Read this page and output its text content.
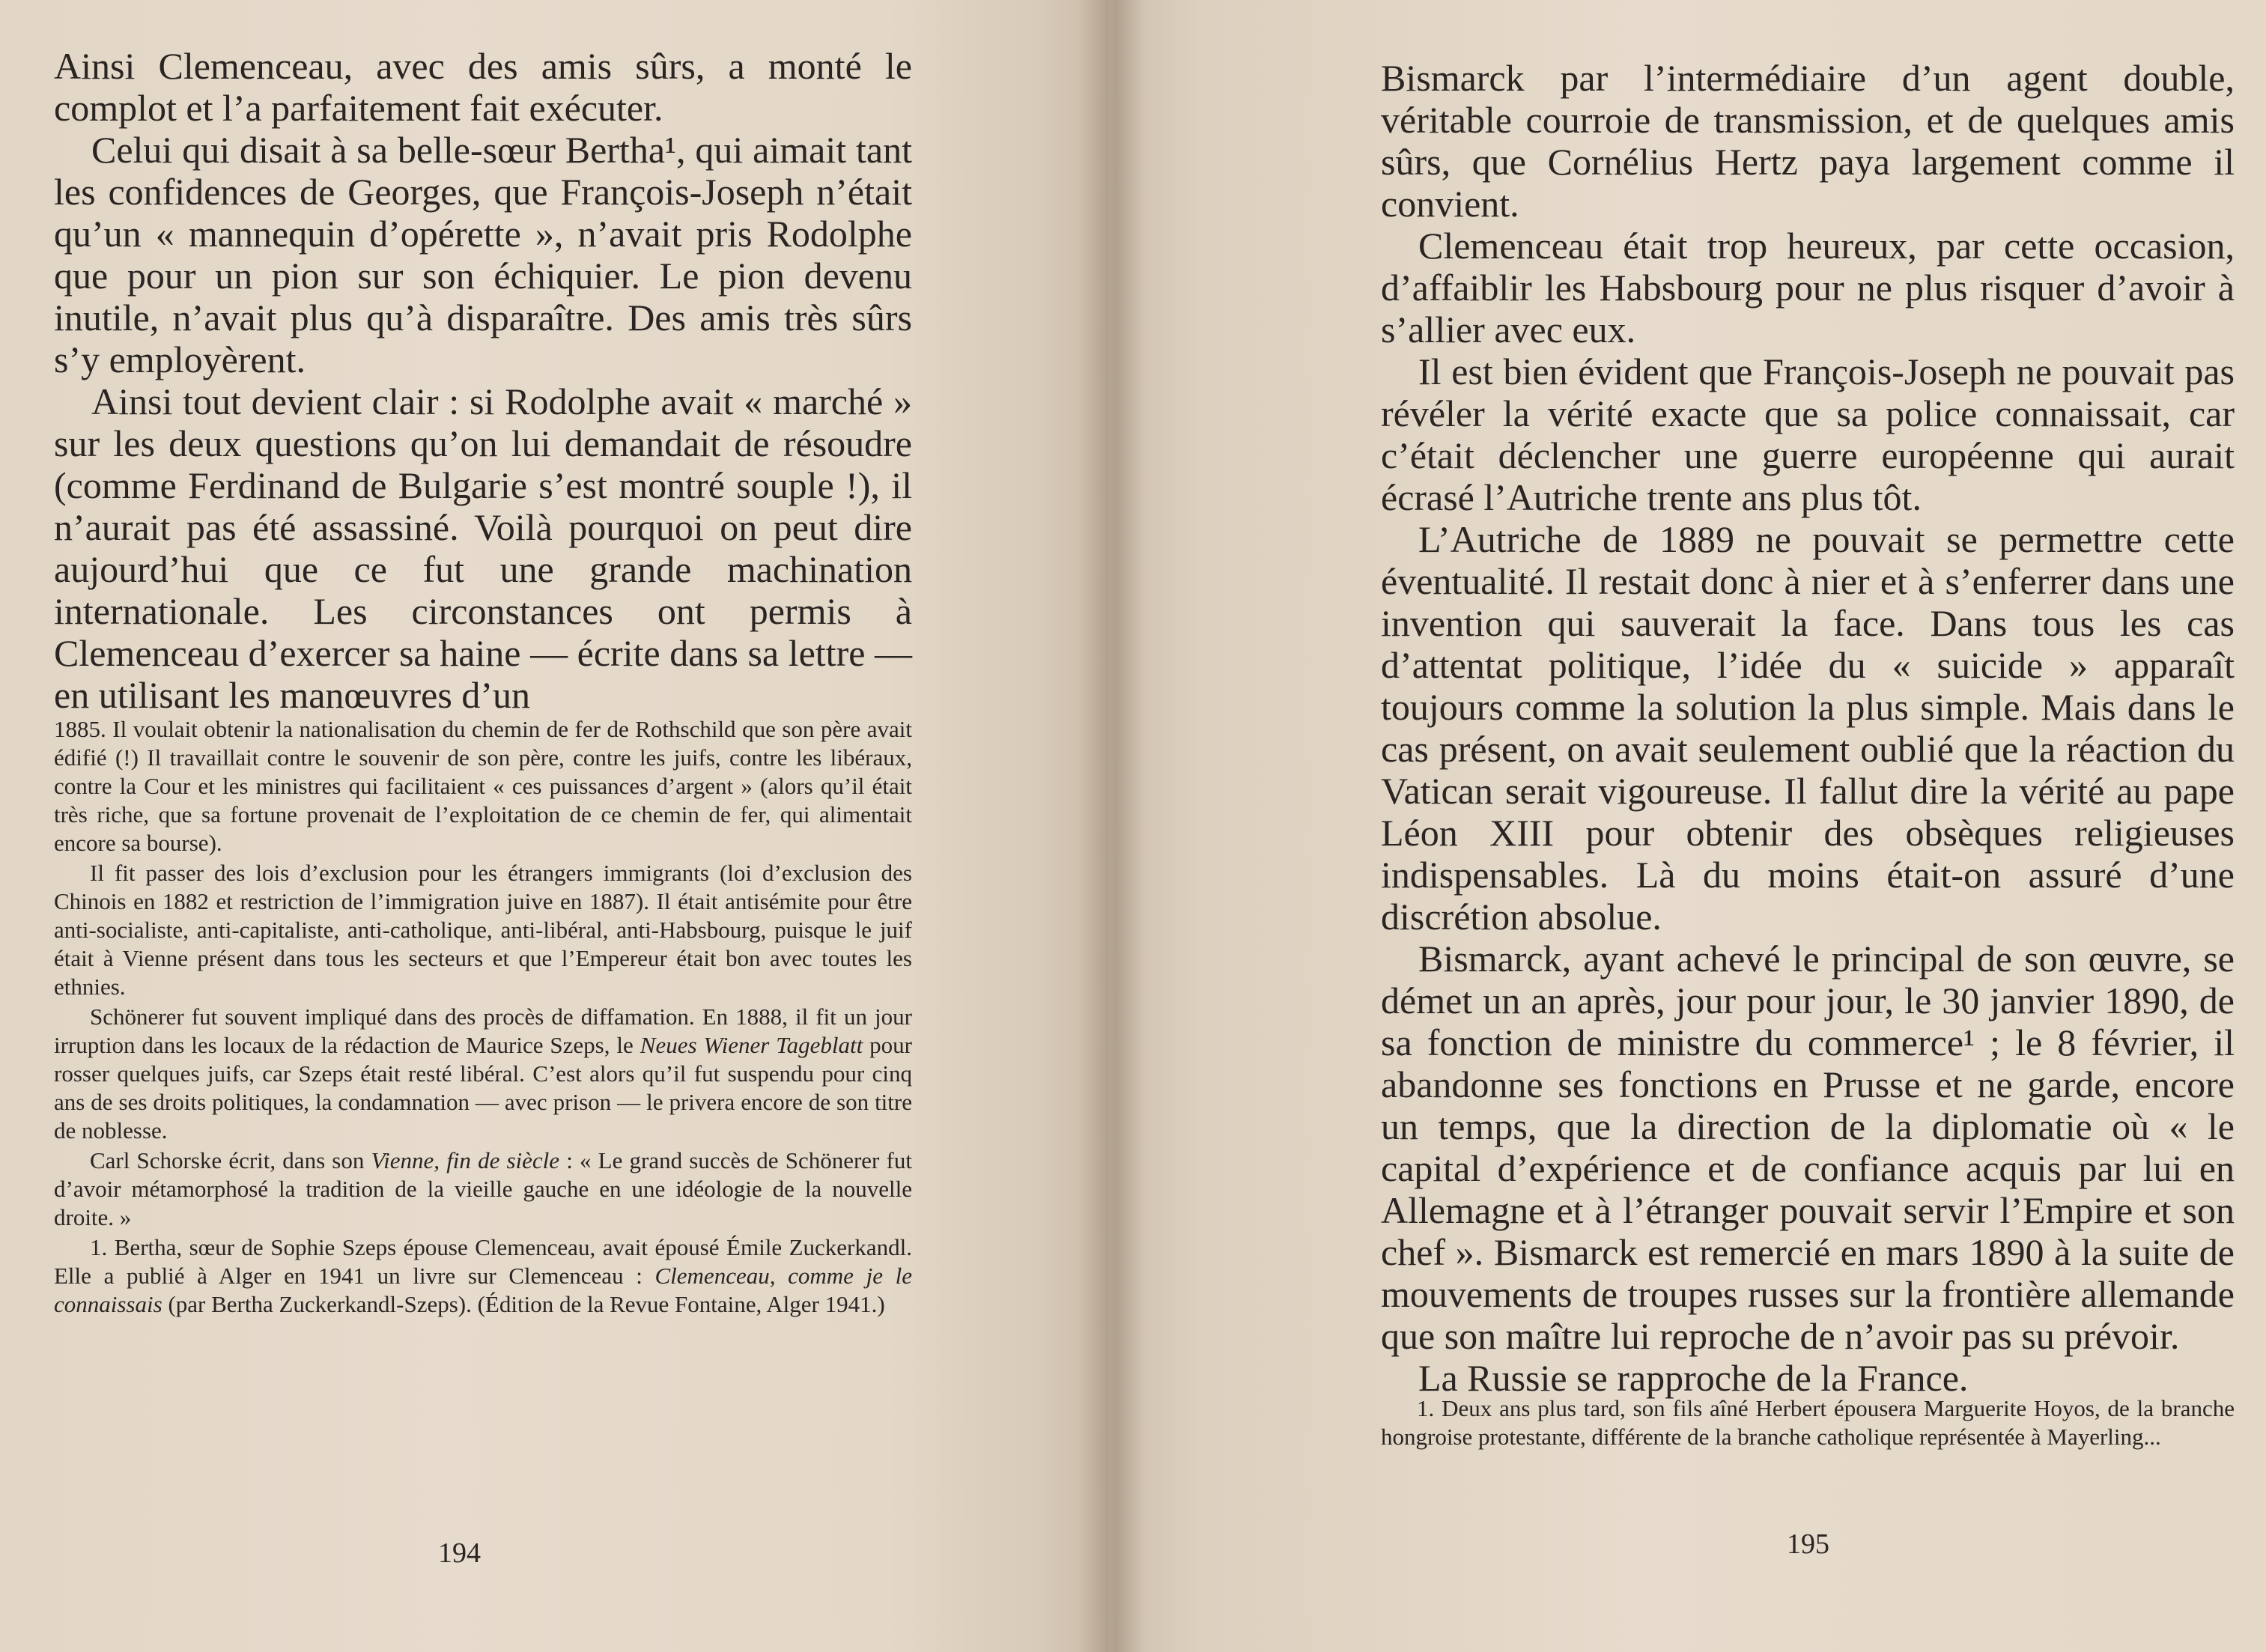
Ainsi Clemenceau, avec des amis sûrs, a monté le complot et l’a parfaitement fait exécuter.

Celui qui disait à sa belle-sœur Bertha¹, qui aimait tant les confidences de Georges, que François-Joseph n’était qu’un « mannequin d’opérette », n’avait pris Rodolphe que pour un pion sur son échiquier. Le pion devenu inutile, n’avait plus qu’à disparaître. Des amis très sûrs s’y employèrent.

Ainsi tout devient clair : si Rodolphe avait « marché » sur les deux questions qu’on lui demandait de résoudre (comme Ferdinand de Bulgarie s’est montré souple !), il n’aurait pas été assassiné. Voilà pourquoi on peut dire aujourd’hui que ce fut une grande machination internationale. Les circonstances ont permis à Clemenceau d’exercer sa haine — écrite dans sa lettre — en utilisant les manœuvres d’un

1885. Il voulait obtenir la nationalisation du chemin de fer de Rothschild que son père avait édifié (!) Il travaillait contre le souvenir de son père, contre les juifs, contre les libéraux, contre la Cour et les ministres qui facilitaient « ces puissances d’argent » (alors qu’il était très riche, que sa fortune provenait de l’exploitation de ce chemin de fer, qui alimentait encore sa bourse).

Il fit passer des lois d’exclusion pour les étrangers immigrants (loi d’exclusion des Chinois en 1882 et restriction de l’immigration juive en 1887). Il était antisémite pour être anti-socialiste, anti-capitaliste, anti-catholique, anti-libéral, anti-Habsbourg, puisque le juif était à Vienne présent dans tous les secteurs et que l’Empereur était bon avec toutes les ethnies.

Schönerer fut souvent impliqué dans des procès de diffamation. En 1888, il fit un jour irruption dans les locaux de la rédaction de Maurice Szeps, le Neues Wiener Tageblatt pour rosser quelques juifs, car Szeps était resté libéral. C’est alors qu’il fut suspendu pour cinq ans de ses droits politiques, la condamnation — avec prison — le privera encore de son titre de noblesse.

Carl Schorske écrit, dans son Vienne, fin de siècle : « Le grand succès de Schönerer fut d’avoir métamorphosé la tradition de la vieille gauche en une idéologie de la nouvelle droite. »

1. Bertha, sœur de Sophie Szeps épouse Clemenceau, avait épousé Émile Zuckerkandl. Elle a publié à Alger en 1941 un livre sur Clemenceau : Clemenceau, comme je le connaissais (par Bertha Zuckerkandl-Szeps). (Édition de la Revue Fontaine, Alger 1941.)

194

Bismarck par l’intermédiaire d’un agent double, véritable courroie de transmission, et de quelques amis sûrs, que Cornélius Hertz paya largement comme il convient.

Clemenceau était trop heureux, par cette occasion, d’affaiblir les Habsbourg pour ne plus risquer d’avoir à s’allier avec eux.

Il est bien évident que François-Joseph ne pouvait pas révéler la vérité exacte que sa police connaissait, car c’était déclencher une guerre européenne qui aurait écrasé l’Autriche trente ans plus tôt.

L’Autriche de 1889 ne pouvait se permettre cette éventualité. Il restait donc à nier et à s’enferrer dans une invention qui sauverait la face. Dans tous les cas d’attentat politique, l’idée du « suicide » apparaît toujours comme la solution la plus simple. Mais dans le cas présent, on avait seulement oublié que la réaction du Vatican serait vigoureuse. Il fallut dire la vérité au pape Léon XIII pour obtenir des obsèques religieuses indispensables. Là du moins était-on assuré d’une discrétion absolue.

Bismarck, ayant achevé le principal de son œuvre, se démet un an après, jour pour jour, le 30 janvier 1890, de sa fonction de ministre du commerce¹ ; le 8 février, il abandonne ses fonctions en Prusse et ne garde, encore un temps, que la direction de la diplomatie où « le capital d’expérience et de confiance acquis par lui en Allemagne et à l’étranger pouvait servir l’Empire et son chef ». Bismarck est remercié en mars 1890 à la suite de mouvements de troupes russes sur la frontière allemande que son maître lui reproche de n’avoir pas su prévoir.

La Russie se rapproche de la France.

1. Deux ans plus tard, son fils aîné Herbert épousera Marguerite Hoyos, de la branche hongroise protestante, différente de la branche catholique représentée à Mayerling...

195
